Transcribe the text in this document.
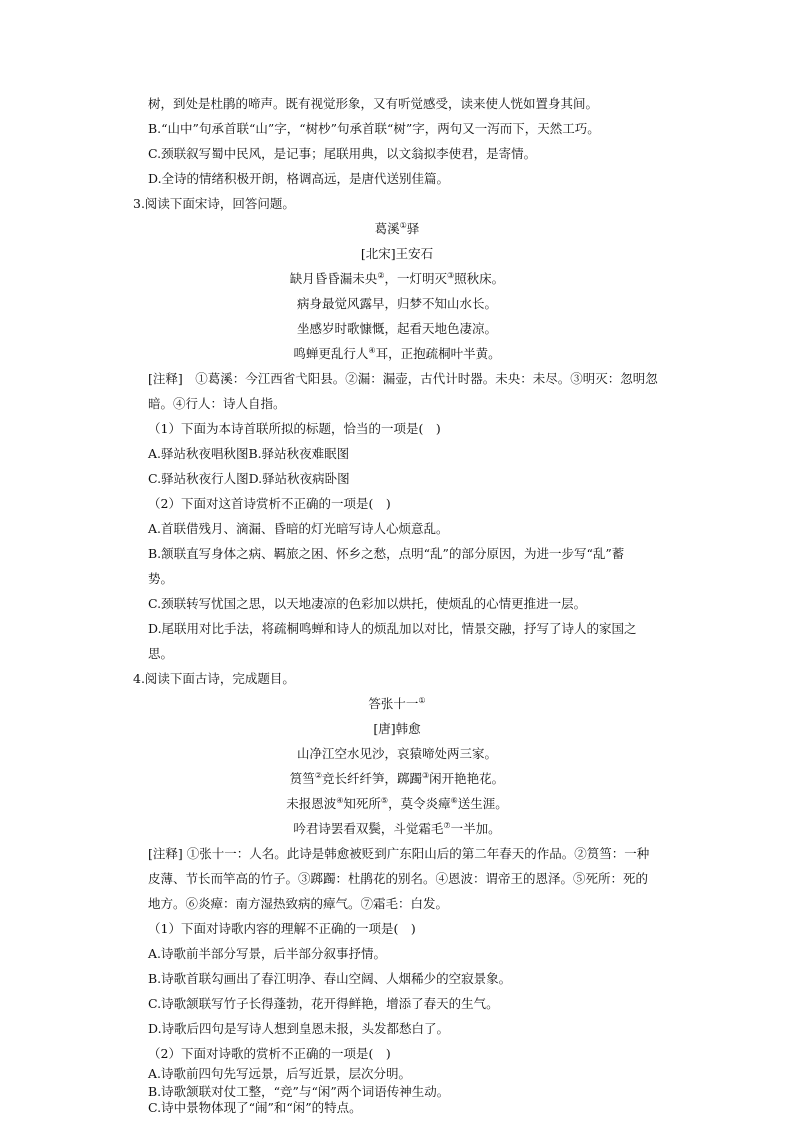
树，到处是杜鹃的啼声。既有视觉形象，又有听觉感受，读来使人恍如置身其间。
B.“山中”句承首联“山”字，“树杪”句承首联“树”字，两句又一泻而下，天然工巧。
C.颈联叙写蜀中民风，是记事；尾联用典，以文翁拟李使君，是寄情。
D.全诗的情绪积极开朗，格调高远，是唐代送别佳篇。
3.阅读下面宋诗，回答问题。
葛溪①驿
[北宋]王安石
缺月昏昏漏未央②，一灯明灭③照秋床。
病身最觉风露早，归梦不知山水长。
坐感岁时歌慷慨，起看天地色凄凉。
鸣蝉更乱行人④耳，正抱疏桐叶半黄。
[注释]　①葛溪：今江西省弋阳县。②漏：漏壶，古代计时器。未央：未尽。③明灭：忽明忽
暗。④行人：诗人自指。
（1）下面为本诗首联所拟的标题，恰当的一项是(　)
A.驿站秋夜唱秋图B.驿站秋夜难眠图
C.驿站秋夜行人图D.驿站秋夜病卧图
（2）下面对这首诗赏析不正确的一项是(　)
A.首联借残月、滴漏、昏暗的灯光暗写诗人心烦意乱。
B.颔联直写身体之病、羁旅之困、怀乡之愁，点明“乱”的部分原因，为进一步写“乱”蓄
势。
C.颈联转写忧国之思，以天地凄凉的色彩加以烘托，使烦乱的心情更推进一层。
D.尾联用对比手法，将疏桐鸣蝉和诗人的烦乱加以对比，情景交融，抒写了诗人的家国之
思。
4.阅读下面古诗，完成题目。
答张十一①
[唐]韩愈
山净江空水见沙，哀猿啼处两三家。
筼筜②竞长纤纤笋，踯躅③闲开艳艳花。
未报恩波④知死所⑤，莫令炎瘴⑥送生涯。
吟君诗罢看双鬓，斗觉霜毛⑦一半加。
[注释] ①张十一：人名。此诗是韩愈被贬到广东阳山后的第二年春天的作品。②筼筜：一种
皮薄、节长而竿高的竹子。③踯躅：杜鹃花的别名。④恩波：谓帝王的恩泽。⑤死所：死的
地方。⑥炎瘴：南方湿热致病的瘴气。⑦霜毛：白发。
（1）下面对诗歌内容的理解不正确的一项是(　)
A.诗歌前半部分写景，后半部分叙事抒情。
B.诗歌首联勾画出了春江明净、春山空阔、人烟稀少的空寂景象。
C.诗歌颔联写竹子长得蓬勃，花开得鲜艳，增添了春天的生气。
D.诗歌后四句是写诗人想到皇恩未报，头发都愁白了。
（2）下面对诗歌的赏析不正确的一项是(　)
A.诗歌前四句先写远景，后写近景，层次分明。
B.诗歌颔联对仗工整，“竞”与“闲”两个词语传神生动。
C.诗中景物体现了“闹”和“闲”的特点。
